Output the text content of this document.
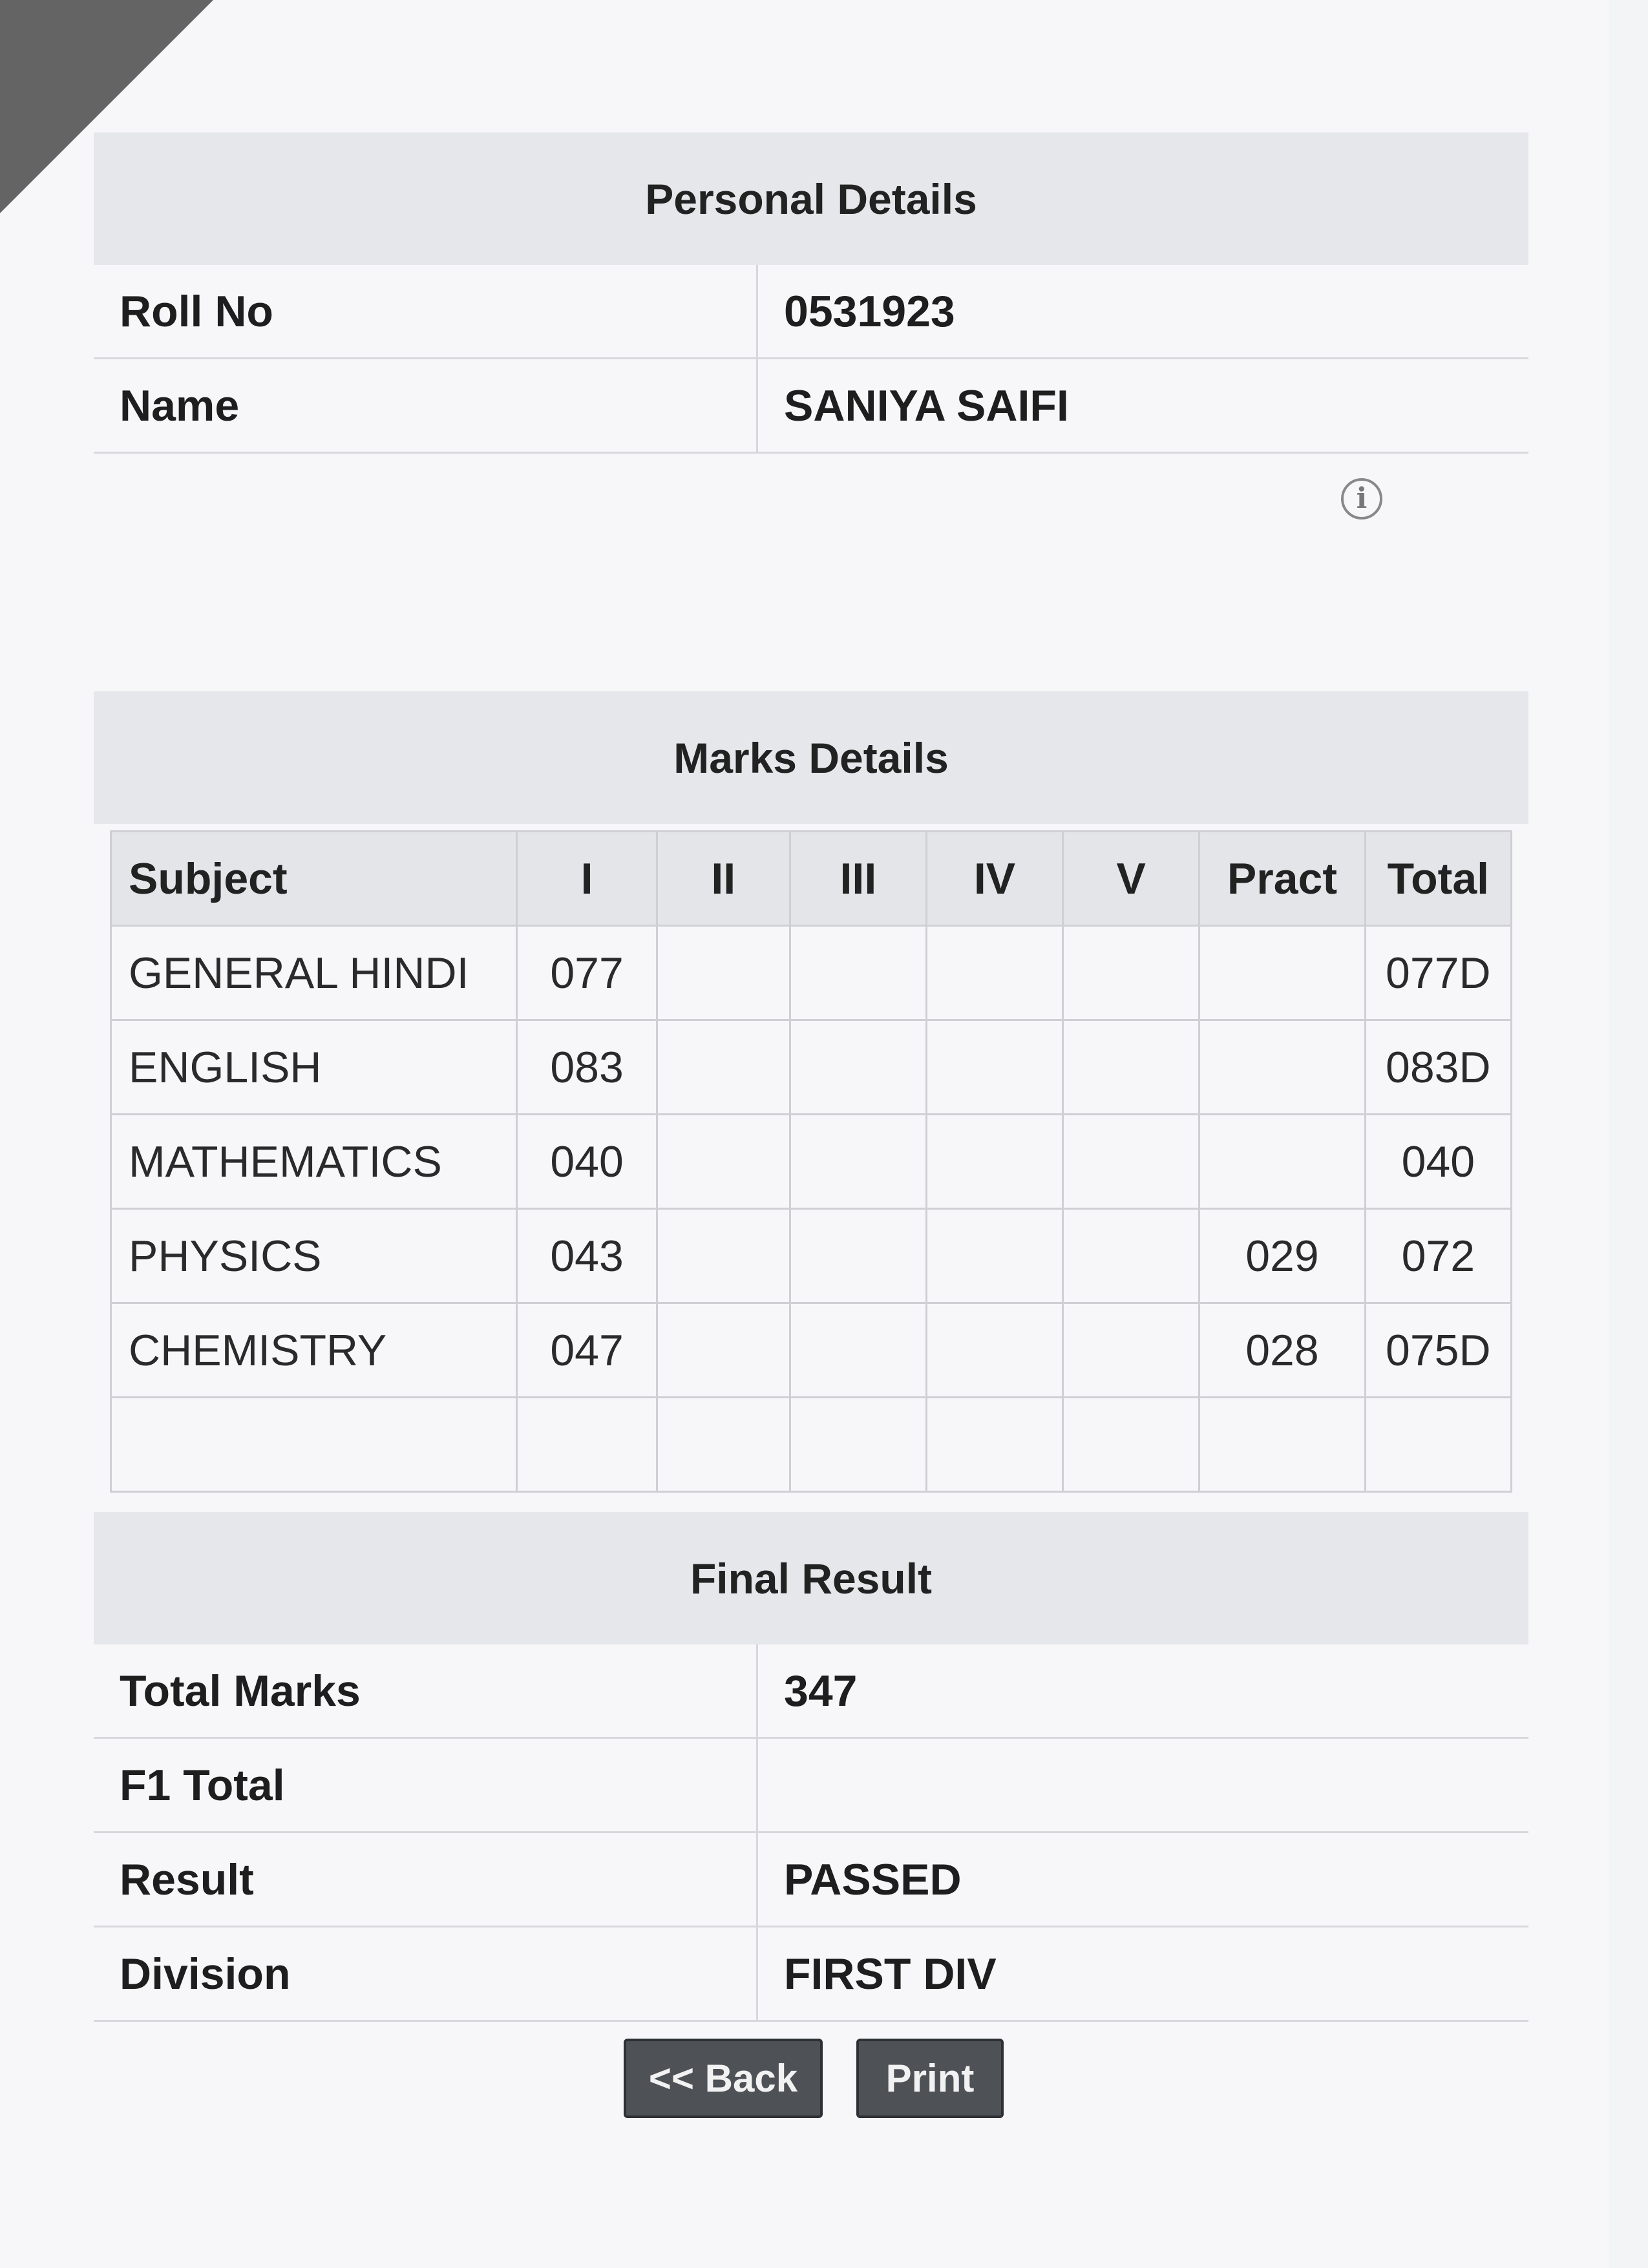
Personal Details
Roll No	0531923
Name	SANIYA SAIFI
i
Marks Details
Subject	I	II	III	IV	V	Pract	Total
GENERAL HINDI	077						077D
ENGLISH	083						083D
MATHEMATICS	040						040
PHYSICS	043					029	072
CHEMISTRY	047					028	075D

Final Result
Total Marks	347
F1 Total	
Result	PASSED
Division	FIRST DIV
<< Back	Print
